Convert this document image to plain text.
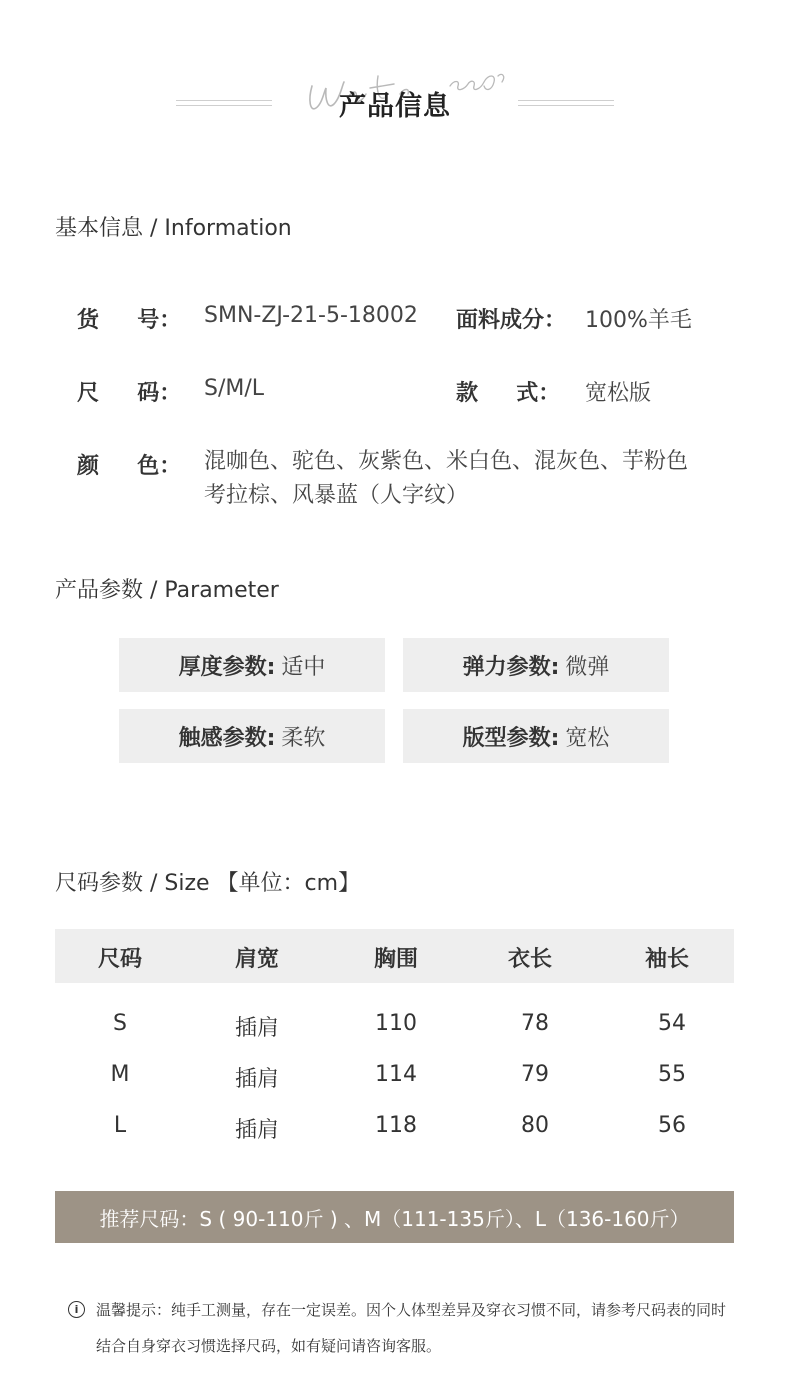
产品信息
基本信息 / Information
货     号： SMN-ZJ-21-5-18002 面料成分： 100%羊毛
尺     码： S/M/L	款     式： 宽松版
颜     色： 混咖色、驼色、灰紫色、米白色、混灰色、芋粉色
考拉棕、风暴蓝（人字纹）
产品参数 / Parameter
厚度参数: 适中	弹力参数: 微弹
触感参数: 柔软	版型参数: 宽松
尺码参数 / Size 【单位：cm】
尺码	肩宽	胸围	衣长	袖长
S	插肩	110	78	54
M	插肩	114	79	55
L	插肩	118	80	56
推荐尺码：S ( 90-110斤 ) 、M（111-135斤）、L（136-160斤）
i	温馨提示：纯手工测量，存在一定误差。因个人体型差异及穿衣习惯不同，请参考尺码表的同时结合自身穿衣习惯选择尺码，如有疑问请咨询客服。
